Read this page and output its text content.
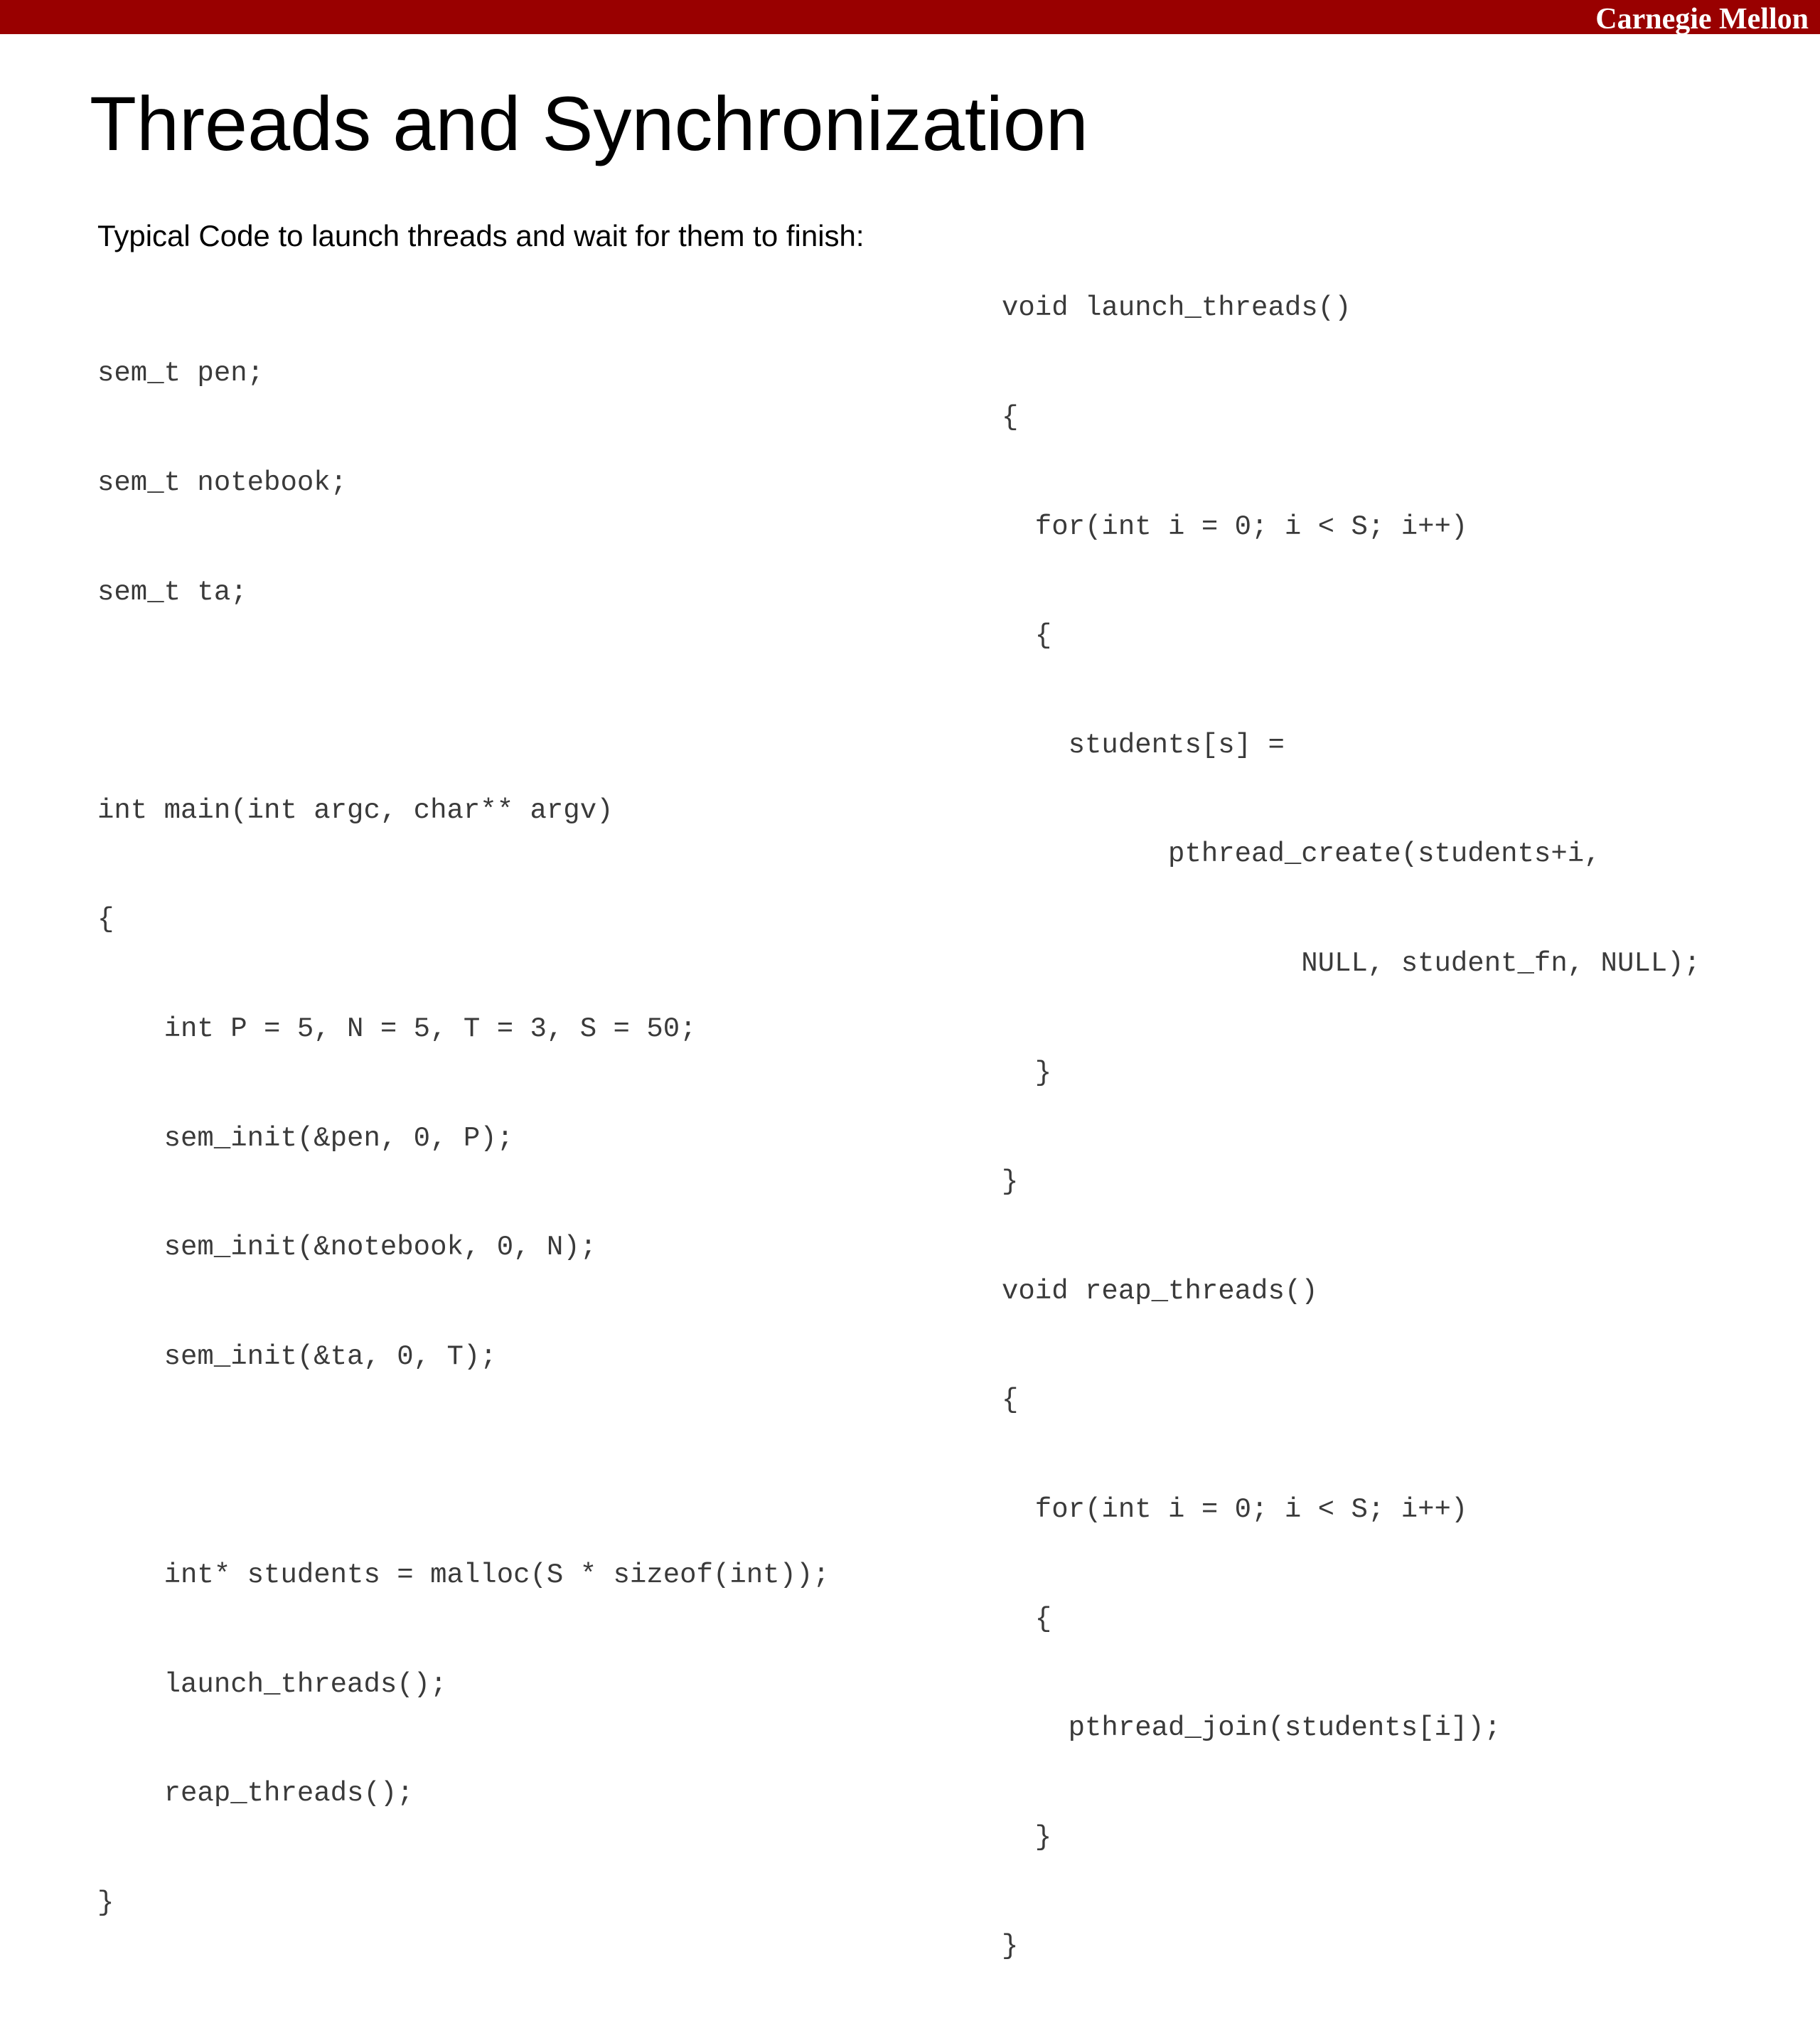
Carnegie Mellon
Threads and Synchronization
Typical Code to launch threads and wait for them to finish:

sem_t pen;

sem_t notebook;

sem_t ta;

int main(int argc, char** argv)

{

int P = 5, N = 5, T = 3, S = 50;

sem_init(&pen, 0, P);

sem_init(&notebook, 0, N);

sem_init(&ta, 0, T);

int* students = malloc(S * sizeof(int));

launch_threads();

reap_threads();

}

void launch_threads()

{

for(int i = 0; i < S; i++)

{

students[s] =

pthread_create(students+i,

NULL, student_fn, NULL);

}

}

void reap_threads()

{

for(int i = 0; i < S; i++)

{

pthread_join(students[i]);

}

}
